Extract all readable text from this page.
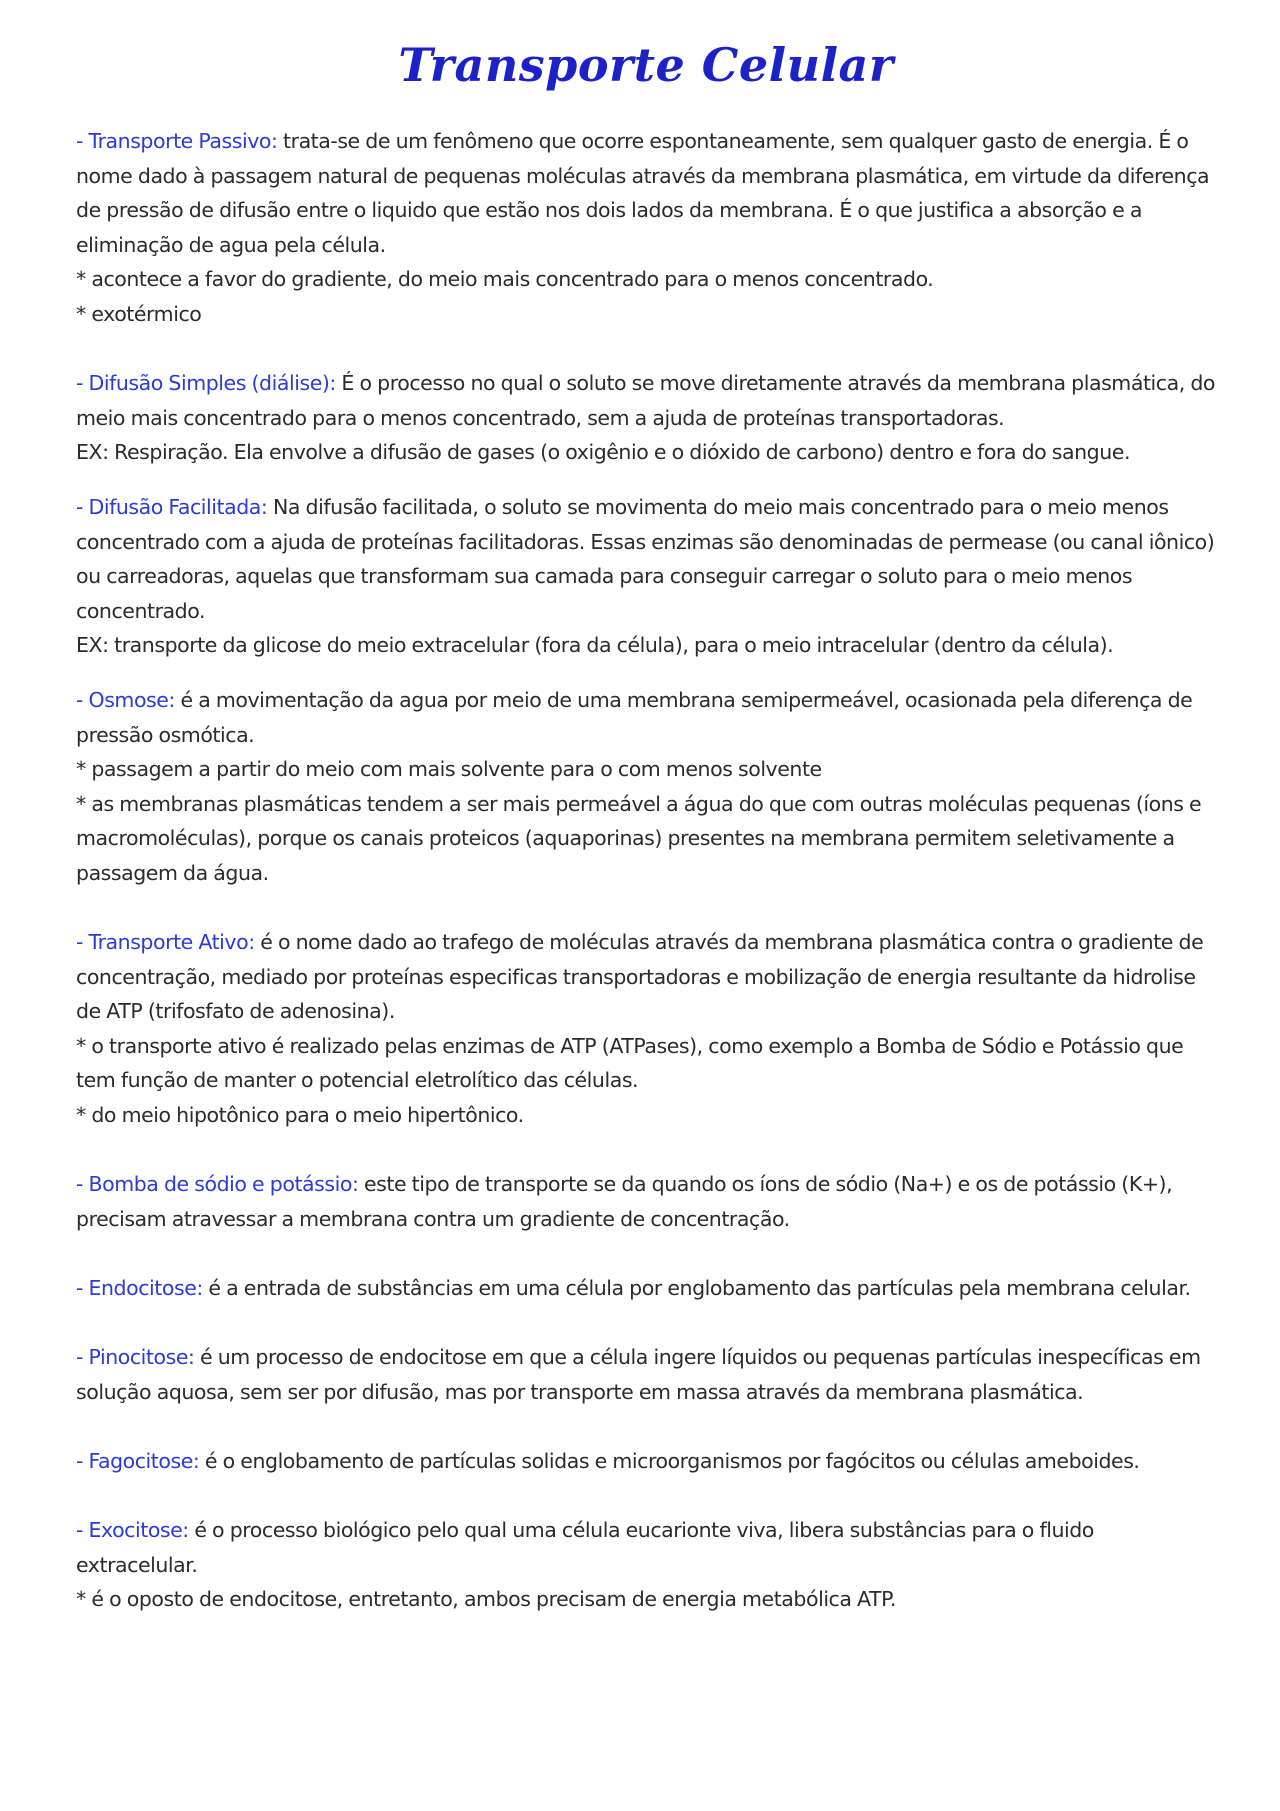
Transporte Celular

- Transporte Passivo: trata-se de um fenômeno que ocorre espontaneamente, sem qualquer gasto de energia. É o nome dado à passagem natural de pequenas moléculas através da membrana plasmática, em virtude da diferença de pressão de difusão entre o liquido que estão nos dois lados da membrana. É o que justifica a absorção e a eliminação de agua pela célula.

* acontece a favor do gradiente, do meio mais concentrado para o menos concentrado.

* exotérmico

- Difusão Simples (diálise): É o processo no qual o soluto se move diretamente através da membrana plasmática, do meio mais concentrado para o menos concentrado, sem a ajuda de proteínas transportadoras.

EX: Respiração. Ela envolve a difusão de gases (o oxigênio e o dióxido de carbono) dentro e fora do sangue.

- Difusão Facilitada: Na difusão facilitada, o soluto se movimenta do meio mais concentrado para o meio menos concentrado com a ajuda de proteínas facilitadoras. Essas enzimas são denominadas de permease (ou canal iônico) ou carreadoras, aquelas que transformam sua camada para conseguir carregar o soluto para o meio menos concentrado.

EX: transporte da glicose do meio extracelular (fora da célula), para o meio intracelular (dentro da célula).

- Osmose: é a movimentação da agua por meio de uma membrana semipermeável, ocasionada pela diferença de pressão osmótica.

* passagem a partir do meio com mais solvente para o com menos solvente

* as membranas plasmáticas tendem a ser mais permeável a água do que com outras moléculas pequenas (íons e macromoléculas), porque os canais proteicos (aquaporinas) presentes na membrana permitem seletivamente a passagem da água.

- Transporte Ativo: é o nome dado ao trafego de moléculas através da membrana plasmática contra o gradiente de concentração, mediado por proteínas especificas transportadoras e mobilização de energia resultante da hidrolise de ATP (trifosfato de adenosina).

* o transporte ativo é realizado pelas enzimas de ATP (ATPases), como exemplo a Bomba de Sódio e Potássio que tem função de manter o potencial eletrolítico das células.

* do meio hipotônico para o meio hipertônico.

- Bomba de sódio e potássio: este tipo de transporte se da quando os íons de sódio (Na+) e os de potássio (K+), precisam atravessar a membrana contra um gradiente de concentração.

- Endocitose: é a entrada de substâncias em uma célula por englobamento das partículas pela membrana celular.

- Pinocitose: é um processo de endocitose em que a célula ingere líquidos ou pequenas partículas inespecíficas em solução aquosa, sem ser por difusão, mas por transporte em massa através da membrana plasmática.

- Fagocitose: é o englobamento de partículas solidas e microorganismos por fagócitos ou células ameboides.

- Exocitose: é o processo biológico pelo qual uma célula eucarionte viva, libera substâncias para o fluido extracelular.

* é o oposto de endocitose, entretanto, ambos precisam de energia metabólica ATP.
